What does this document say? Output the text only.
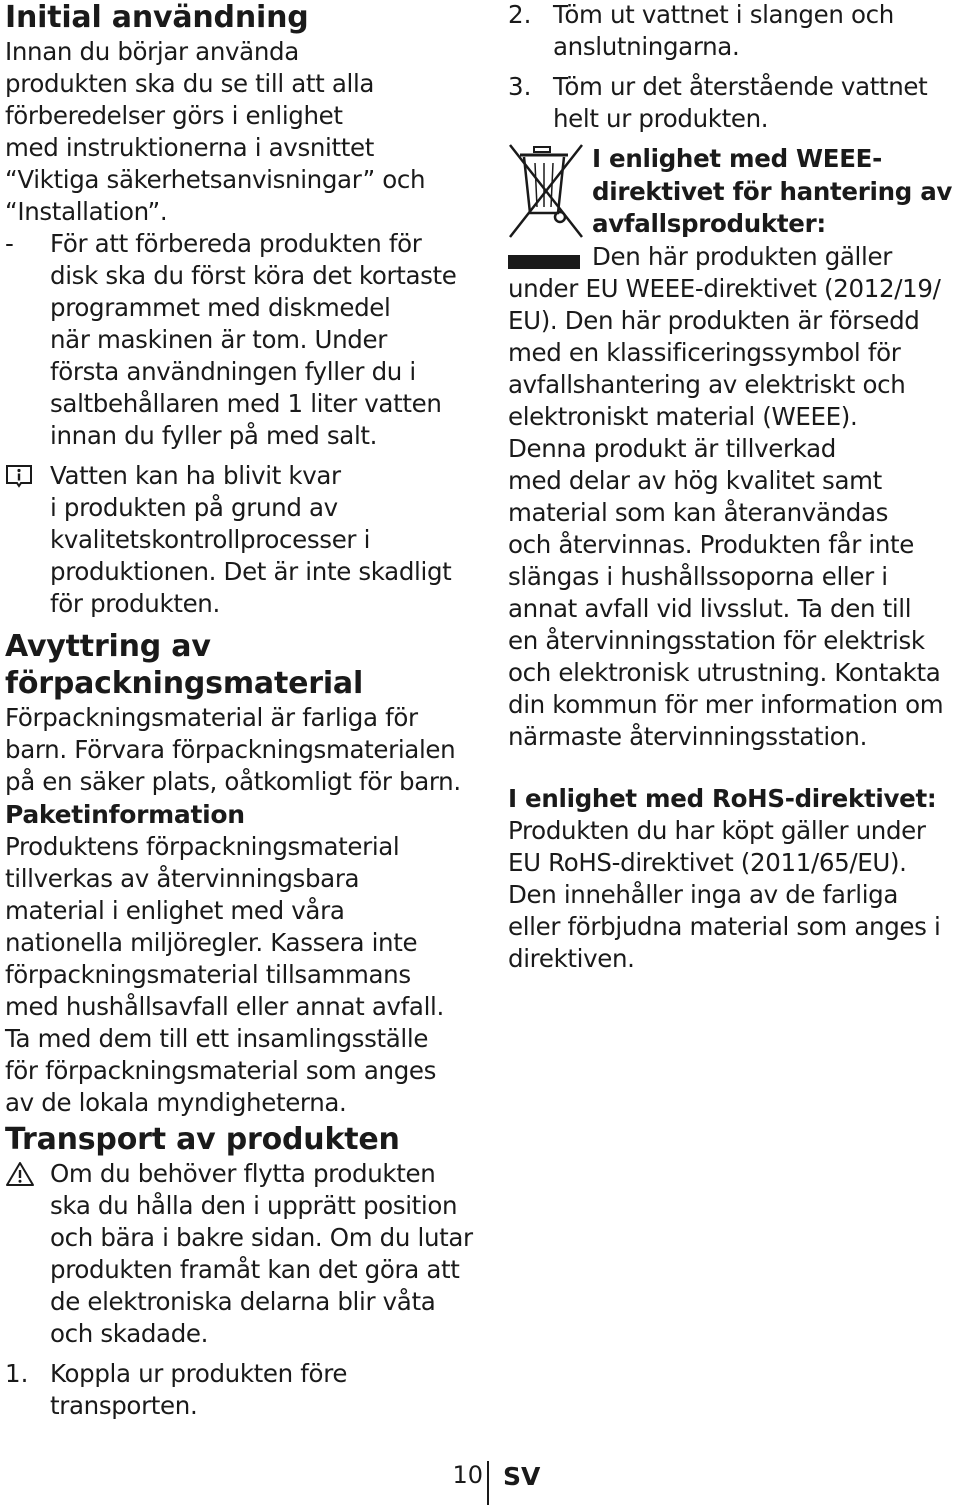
Initial användning
Innan du börjar använda
produkten ska du se till att alla
förberedelser görs i enlighet
med instruktionerna i avsnittet
“Viktiga säkerhetsanvisningar” och
“Installation”.
-	För att förbereda produkten för
disk ska du först köra det kortaste
programmet med diskmedel
när maskinen är tom. Under
första användningen fyller du i
saltbehållaren med 1 liter vatten
innan du fyller på med salt.
Vatten kan ha blivit kvar
i produkten på grund av
kvalitetskontrollprocesser i
produktionen. Det är inte skadligt
för produkten.
Avyttring av
förpackningsmaterial
Förpackningsmaterial är farliga för
barn. Förvara förpackningsmaterialen
på en säker plats, oåtkomligt för barn.
Paketinformation
Produktens förpackningsmaterial
tillverkas av återvinningsbara
material i enlighet med våra
nationella miljöregler. Kassera inte
förpackningsmaterial tillsammans
med hushållsavfall eller annat avfall.
Ta med dem till ett insamlingsställe
för förpackningsmaterial som anges
av de lokala myndigheterna.
Transport av produkten
Om du behöver flytta produkten
ska du hålla den i upprätt position
och bära i bakre sidan. Om du lutar
produkten framåt kan det göra att
de elektroniska delarna blir våta
och skadade.
1. Koppla ur produkten före
transporten.
2. Töm ut vattnet i slangen och
anslutningarna.
3. Töm ur det återstående vattnet
helt ur produkten.
I enlighet med WEEE-
direktivet för hantering av
avfallsprodukter:
Den här produkten gäller
under EU WEEE-direktivet (2012/19/
EU). Den här produkten är försedd
med en klassificeringssymbol för
avfallshantering av elektriskt och
elektroniskt material (WEEE).
Denna produkt är tillverkad
med delar av hög kvalitet samt
material som kan återanvändas
och återvinnas. Produkten får inte
slängas i hushållssoporna eller i
annat avfall vid livsslut. Ta den till
en återvinningsstation för elektrisk
och elektronisk utrustning. Kontakta
din kommun för mer information om
närmaste återvinningsstation.
I enlighet med RoHS-direktivet:
Produkten du har köpt gäller under
EU RoHS-direktivet (2011/65/EU).
Den innehåller inga av de farliga
eller förbjudna material som anges i
direktiven.
10 SV
